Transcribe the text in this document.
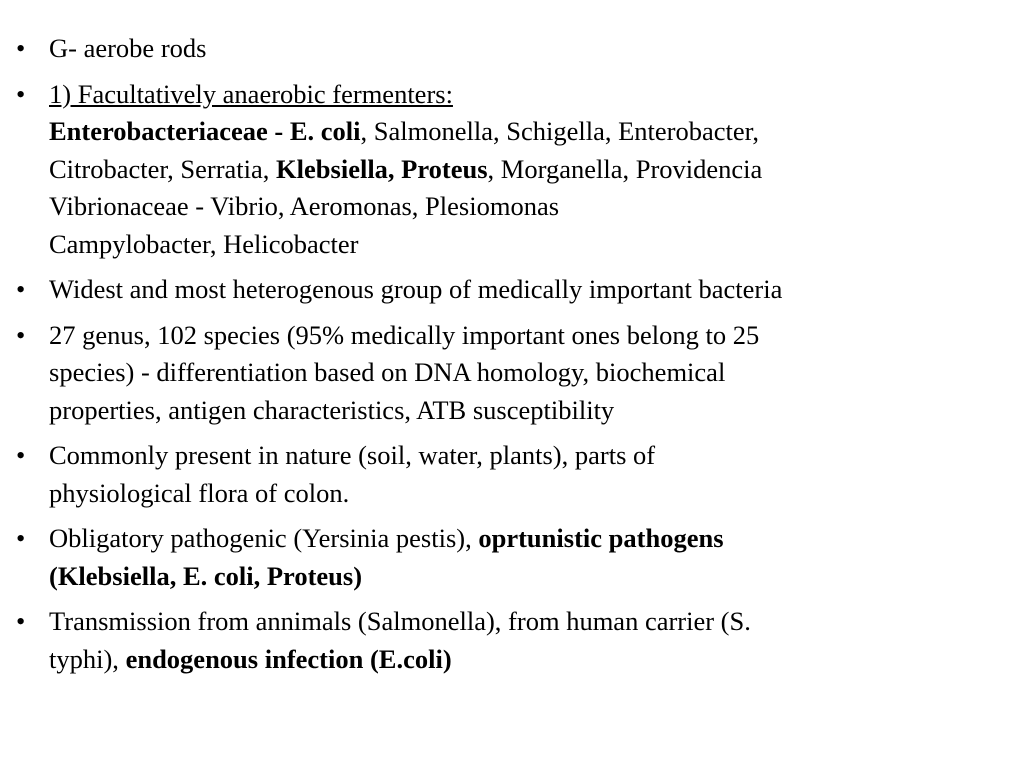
• G- aerobe rods
• 1) Facultatively anaerobic fermenters:
Enterobacteriaceae - E. coli, Salmonella, Schigella, Enterobacter,
Citrobacter, Serratia, Klebsiella, Proteus, Morganella, Providencia
Vibrionaceae - Vibrio, Aeromonas, Plesiomonas
Campylobacter, Helicobacter
• Widest and most heterogenous group of medically important bacteria
• 27 genus, 102 species (95% medically important ones belong to 25
species) - differentiation based on DNA homology, biochemical
properties, antigen characteristics, ATB susceptibility
• Commonly present in nature (soil, water, plants), parts of
physiological flora of colon.
• Obligatory pathogenic (Yersinia pestis), oprtunistic pathogens
(Klebsiella, E. coli, Proteus)
• Transmission from annimals (Salmonella), from human carrier (S.
typhi), endogenous infection (E.coli)
